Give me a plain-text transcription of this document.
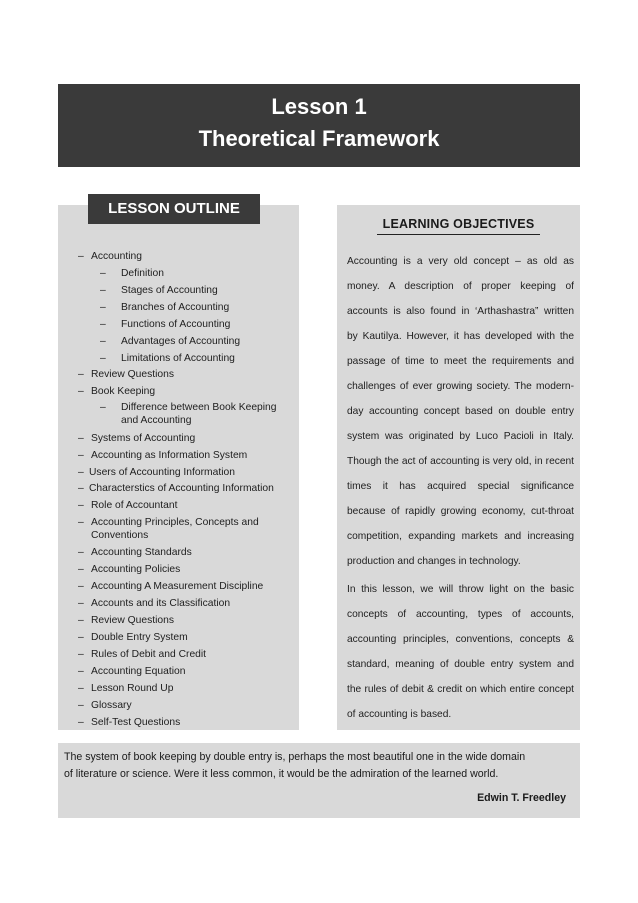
Lesson 1
Theoretical Framework
– Accounting
– Definition
– Stages of Accounting
– Branches of Accounting
– Functions of Accounting
– Advantages of Accounting
– Limitations of Accounting
– Review Questions
– Book Keeping
– Difference between Book Keeping
and Accounting
– Systems of Accounting
– Accounting as Information System
– Users of Accounting Information
– Characterstics of Accounting Information
– Role of Accountant
– Accounting Principles, Concepts and
Conventions
– Accounting Standards
– Accounting Policies
– Accounting A Measurement Discipline
– Accounts and its Classification
– Review Questions
– Double Entry System
– Rules of Debit and Credit
– Accounting Equation
– Lesson Round Up
– Glossary
– Self-Test Questions
LESSON OUTLINE
LEARNING OBJECTIVES
Accounting is a very old concept – as old as
money. A description of proper keeping of
accounts is also found in ‘Arthashastra” written
by Kautilya. However, it has developed with the
passage of time to meet the requirements and
challenges of ever growing society. The modern-
day accounting concept based on double entry
system was originated by Luco Pacioli in Italy.
Though the act of accounting is very old, in recent
times it has acquired special significance
because of rapidly growing economy, cut-throat
competition, expanding markets and increasing
production and changes in technology.
In this lesson, we will throw light on the basic
concepts of accounting, types of accounts,
accounting principles, conventions, concepts &
standard, meaning of double entry system and
the rules of debit & credit on which entire concept
of accounting is based.
The system of book keeping by double entry is, perhaps the most beautiful one in the wide domain
of literature or science. Were it less common, it would be the admiration of the learned world.
Edwin T. Freedley
